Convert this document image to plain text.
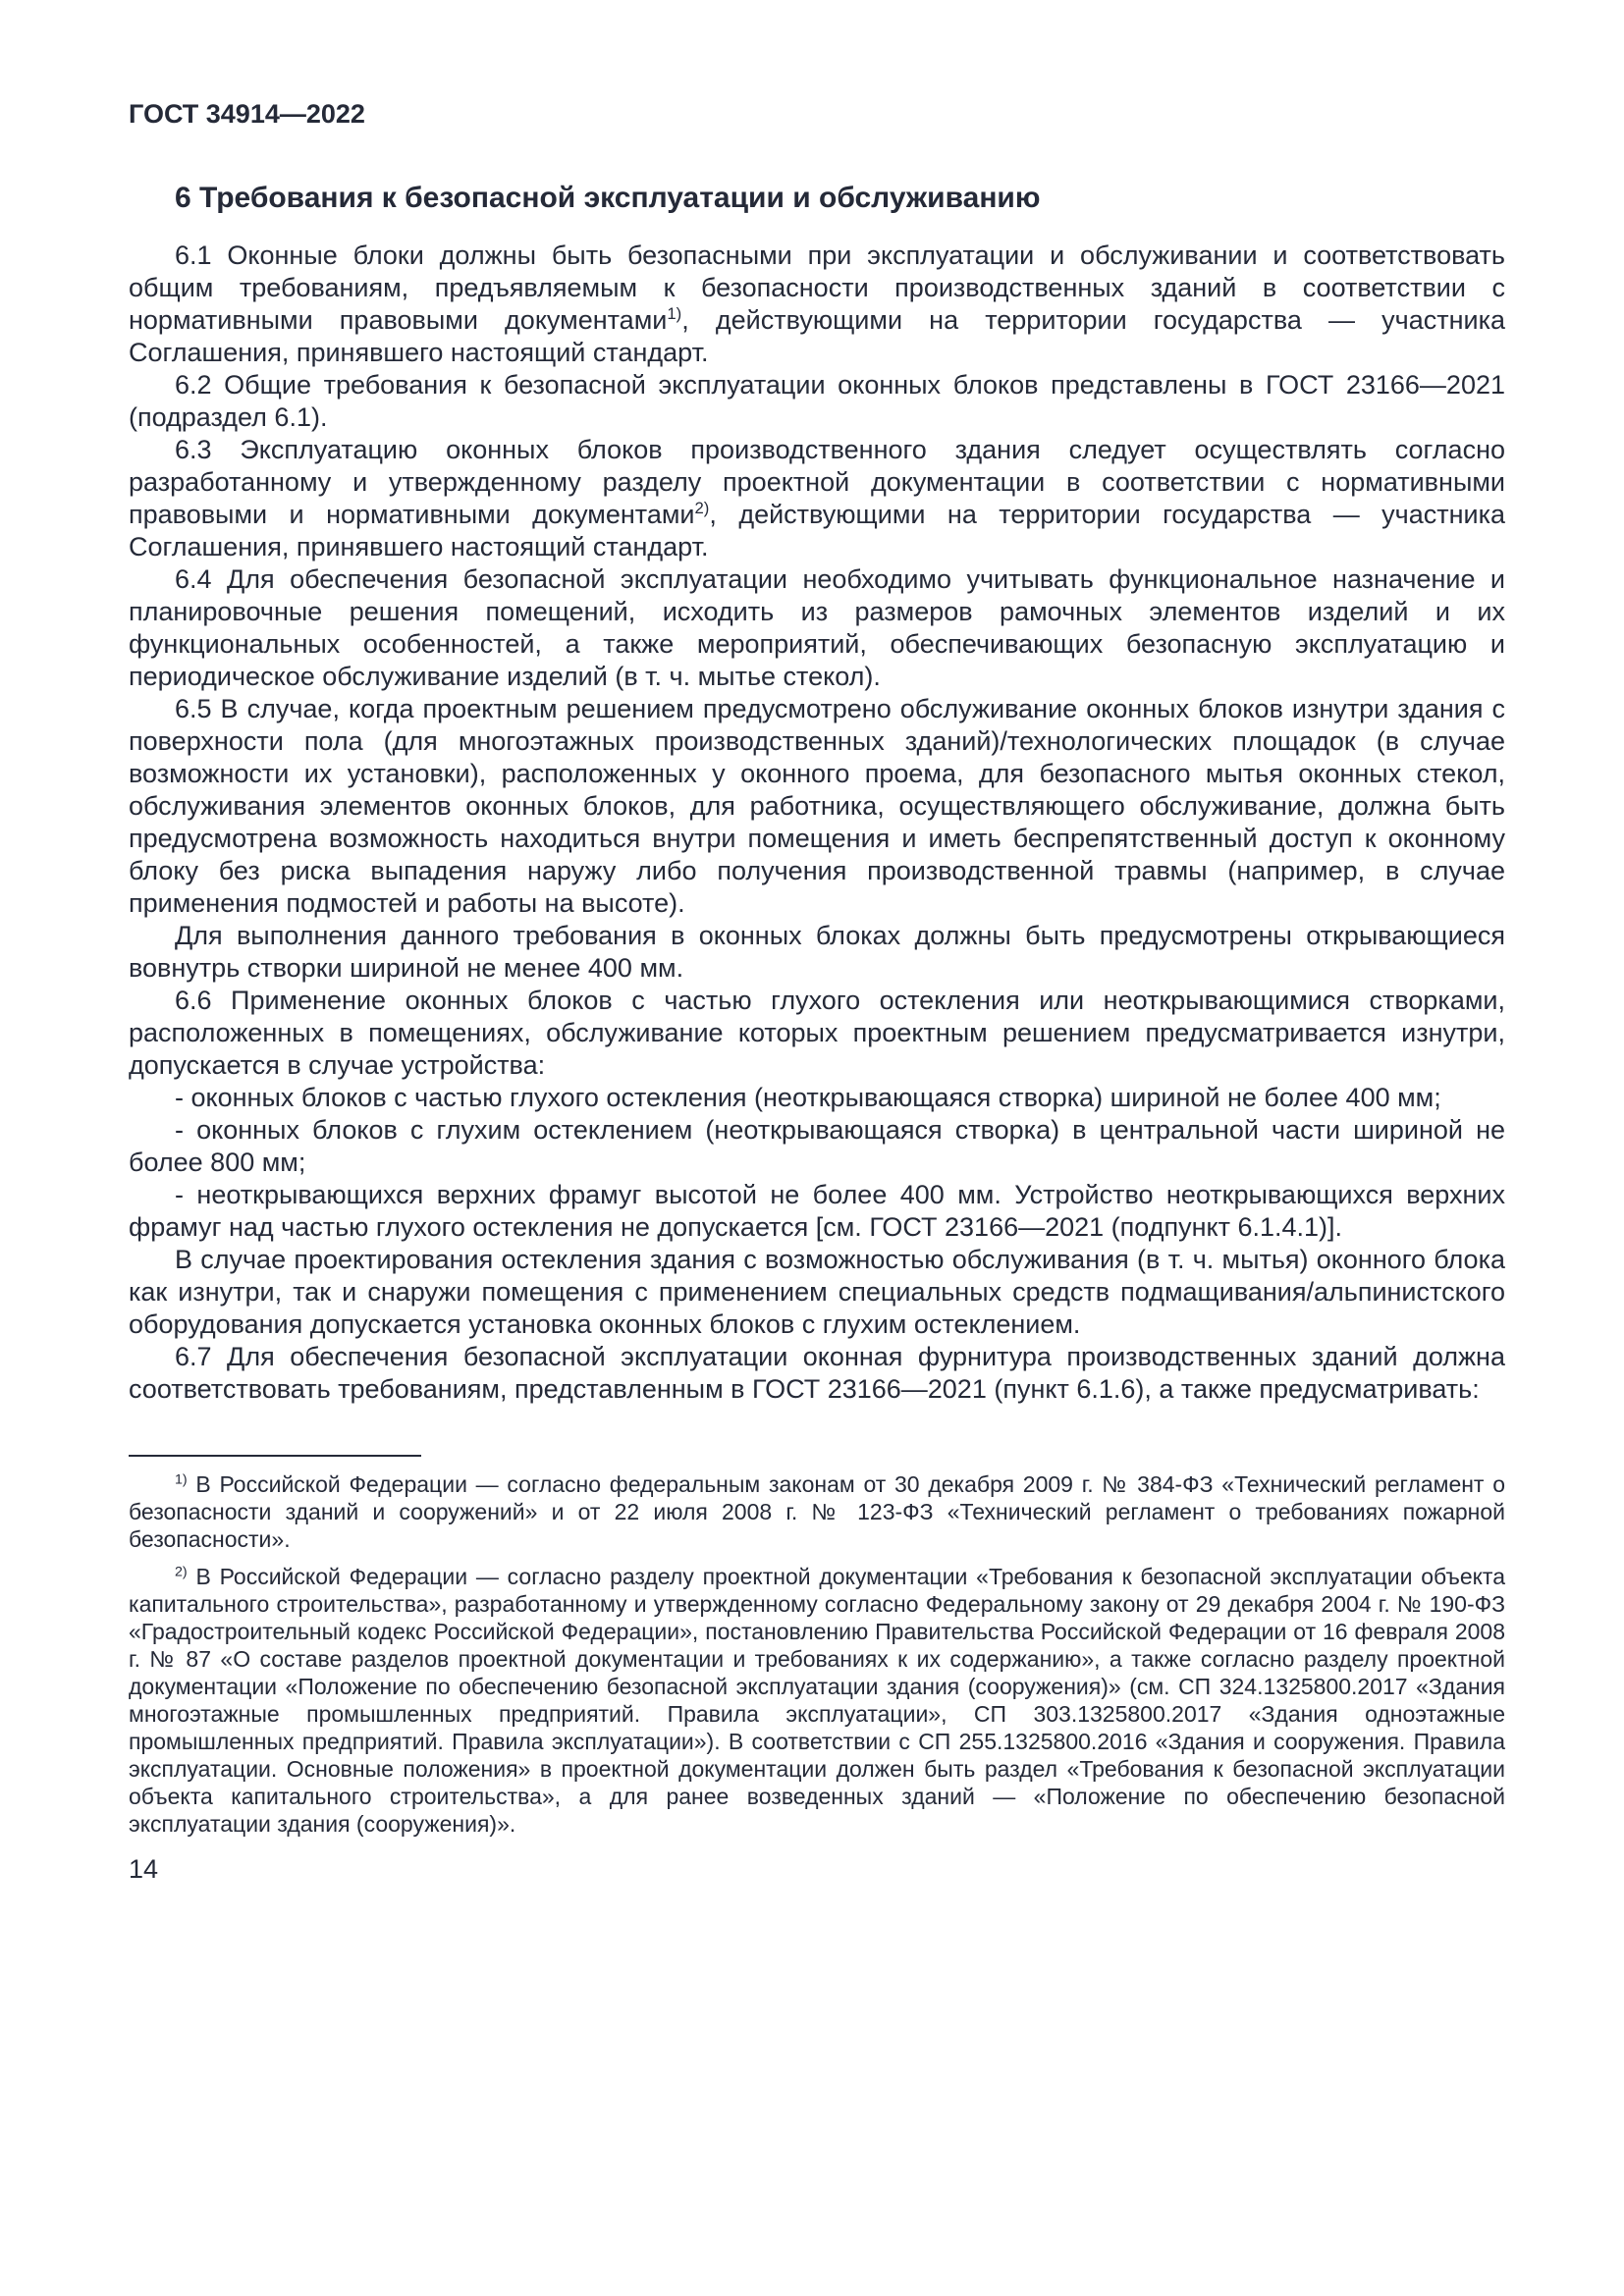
ГОСТ 34914—2022
6 Требования к безопасной эксплуатации и обслуживанию

6.1 Оконные блоки должны быть безопасными при эксплуатации и обслуживании и соответствовать общим требованиям, предъявляемым к безопасности производственных зданий в соответствии с нормативными правовыми документами$^{1)}$, действующими на территории государства — участника Соглашения, принявшего настоящий стандарт.

6.2 Общие требования к безопасной эксплуатации оконных блоков представлены в ГОСТ 23166—2021 (подраздел 6.1).

6.3 Эксплуатацию оконных блоков производственного здания следует осуществлять согласно разработанному и утвержденному разделу проектной документации в соответствии с нормативными правовыми и нормативными документами$^{2)}$, действующими на территории государства — участника Соглашения, принявшего настоящий стандарт.

6.4 Для обеспечения безопасной эксплуатации необходимо учитывать функциональное назначение и планировочные решения помещений, исходить из размеров рамочных элементов изделий и их функциональных особенностей, а также мероприятий, обеспечивающих безопасную эксплуатацию и периодическое обслуживание изделий (в т. ч. мытье стекол).

6.5 В случае, когда проектным решением предусмотрено обслуживание оконных блоков изнутри здания с поверхности пола (для многоэтажных производственных зданий)/технологических площадок (в случае возможности их установки), расположенных у оконного проема, для безопасного мытья оконных стекол, обслуживания элементов оконных блоков, для работника, осуществляющего обслуживание, должна быть предусмотрена возможность находиться внутри помещения и иметь беспрепятственный доступ к оконному блоку без риска выпадения наружу либо получения производственной травмы (например, в случае применения подмостей и работы на высоте).

Для выполнения данного требования в оконных блоках должны быть предусмотрены открывающиеся вовнутрь створки шириной не менее 400 мм.

6.6 Применение оконных блоков с частью глухого остекления или неоткрывающимися створками, расположенных в помещениях, обслуживание которых проектным решением предусматривается изнутри, допускается в случае устройства:

- оконных блоков с частью глухого остекления (неоткрывающаяся створка) шириной не более 400 мм;

- оконных блоков с глухим остеклением (неоткрывающаяся створка) в центральной части шириной не более 800 мм;

- неоткрывающихся верхних фрамуг высотой не более 400 мм. Устройство неоткрывающихся верхних фрамуг над частью глухого остекления не допускается [см. ГОСТ 23166—2021 (подпункт 6.1.4.1)].

В случае проектирования остекления здания с возможностью обслуживания (в т. ч. мытья) оконного блока как изнутри, так и снаружи помещения с применением специальных средств подмащивания/альпинистского оборудования допускается установка оконных блоков с глухим остеклением.

6.7 Для обеспечения безопасной эксплуатации оконная фурнитура производственных зданий должна соответствовать требованиям, представленным в ГОСТ 23166—2021 (пункт 6.1.6), а также предусматривать:

$^{1)}$ В Российской Федерации — согласно федеральным законам от 30 декабря 2009 г. № 384-ФЗ «Технический регламент о безопасности зданий и сооружений» и от 22 июля 2008 г. № 123-ФЗ «Технический регламент о требованиях пожарной безопасности».

$^{2)}$ В Российской Федерации — согласно разделу проектной документации «Требования к безопасной эксплуатации объекта капитального строительства», разработанному и утвержденному согласно Федеральному закону от 29 декабря 2004 г. № 190-ФЗ «Градостроительный кодекс Российской Федерации», постановлению Правительства Российской Федерации от 16 февраля 2008 г. № 87 «О составе разделов проектной документации и требованиях к их содержанию», а также согласно разделу проектной документации «Положение по обеспечению безопасной эксплуатации здания (сооружения)» (см. СП 324.1325800.2017 «Здания многоэтажные промышленных предприятий. Правила эксплуатации», СП 303.1325800.2017 «Здания одноэтажные промышленных предприятий. Правила эксплуатации»). В соответствии с СП 255.1325800.2016 «Здания и сооружения. Правила эксплуатации. Основные положения» в проектной документации должен быть раздел «Требования к безопасной эксплуатации объекта капитального строительства», а для ранее возведенных зданий — «Положение по обеспечению безопасной эксплуатации здания (сооружения)».

14
